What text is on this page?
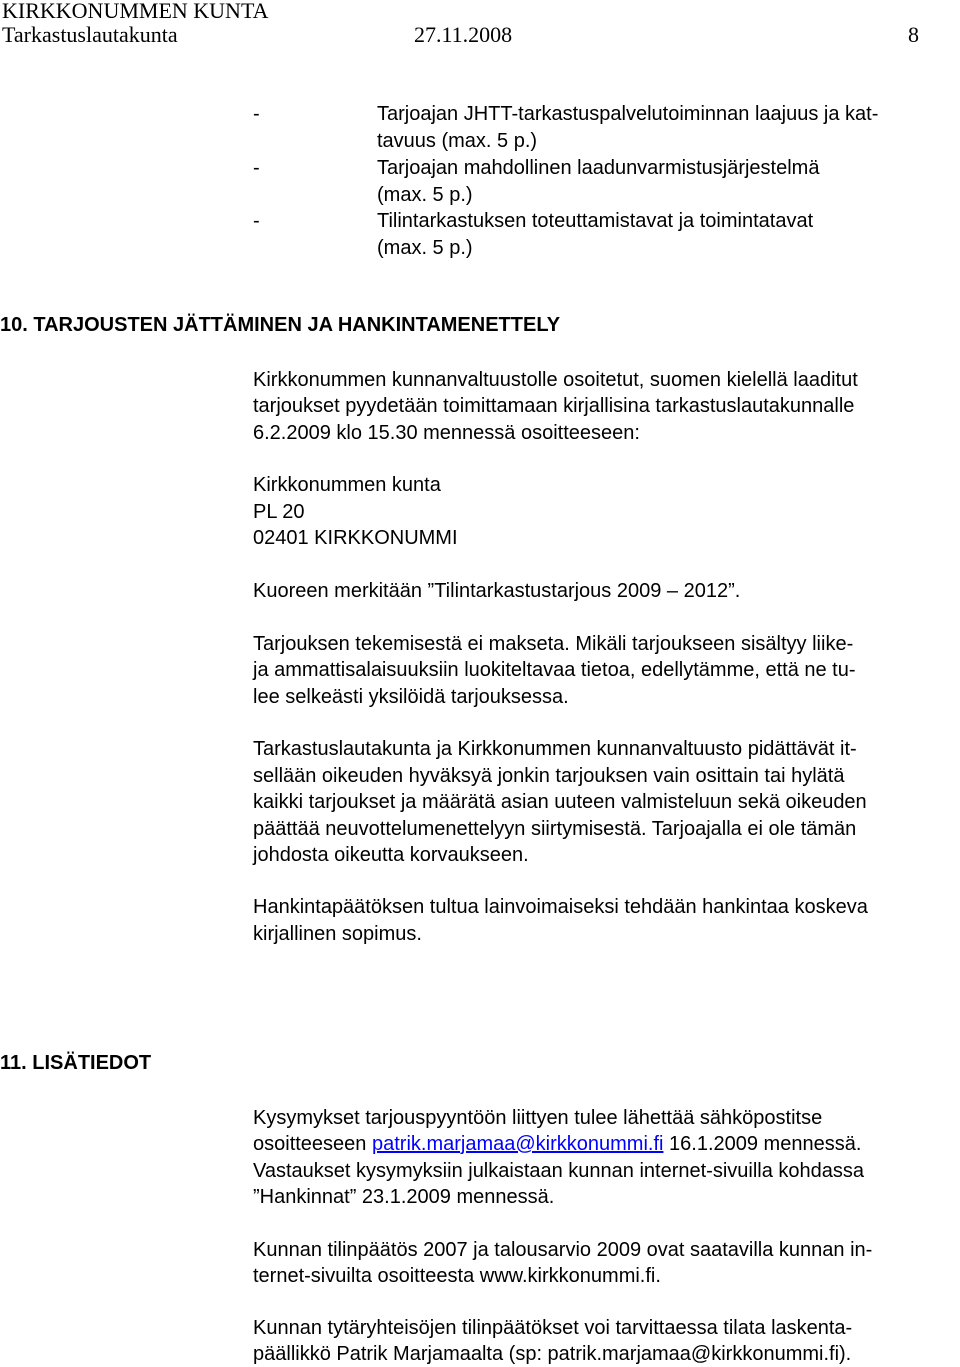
KIRKKONUMMEN KUNTA
Tarkastuslautakunta	27.11.2008	8
-	Tarjoajan JHTT-tarkastuspalvelutoiminnan laajuus ja kat-
tavuus (max. 5 p.)
-	Tarjoajan mahdollinen laadunvarmistusjärjestelmä
(max. 5 p.)
-	Tilintarkastuksen toteuttamistavat ja toimintatavat
(max. 5 p.)
10. TARJOUSTEN JÄTTÄMINEN JA HANKINTAMENETTELY
Kirkkonummen kunnanvaltuustolle osoitetut, suomen kielellä laaditut
tarjoukset pyydetään toimittamaan kirjallisina tarkastuslautakunnalle
6.2.2009 klo 15.30 mennessä osoitteeseen:
Kirkkonummen kunta
PL 20
02401 KIRKKONUMMI
Kuoreen merkitään ”Tilintarkastustarjous 2009 – 2012”.
Tarjouksen tekemisestä ei makseta. Mikäli tarjoukseen sisältyy liike-
ja ammattisalaisuuksiin luokiteltavaa tietoa, edellytämme, että ne tu-
lee selkeästi yksilöidä tarjouksessa.
Tarkastuslautakunta ja Kirkkonummen kunnanvaltuusto pidättävät it-
sellään oikeuden hyväksyä jonkin tarjouksen vain osittain tai hylätä
kaikki tarjoukset ja määrätä asian uuteen valmisteluun sekä oikeuden
päättää neuvottelumenettelyyn siirtymisestä. Tarjoajalla ei ole tämän
johdosta oikeutta korvaukseen.
Hankintapäätöksen tultua lainvoimaiseksi tehdään hankintaa koskeva
kirjallinen sopimus.
11. LISÄTIEDOT
Kysymykset tarjouspyyntöön liittyen tulee lähettää sähköpostitse
osoitteeseen patrik.marjamaa@kirkkonummi.fi 16.1.2009 mennessä.
Vastaukset kysymyksiin julkaistaan kunnan internet-sivuilla kohdassa
”Hankinnat” 23.1.2009 mennessä.
Kunnan tilinpäätös 2007 ja talousarvio 2009 ovat saatavilla kunnan in-
ternet-sivuilta osoitteesta www.kirkkonummi.fi.
Kunnan tytäryhteisöjen tilinpäätökset voi tarvittaessa tilata laskenta-
päällikkö Patrik Marjamaalta (sp: patrik.marjamaa@kirkkonummi.fi).
